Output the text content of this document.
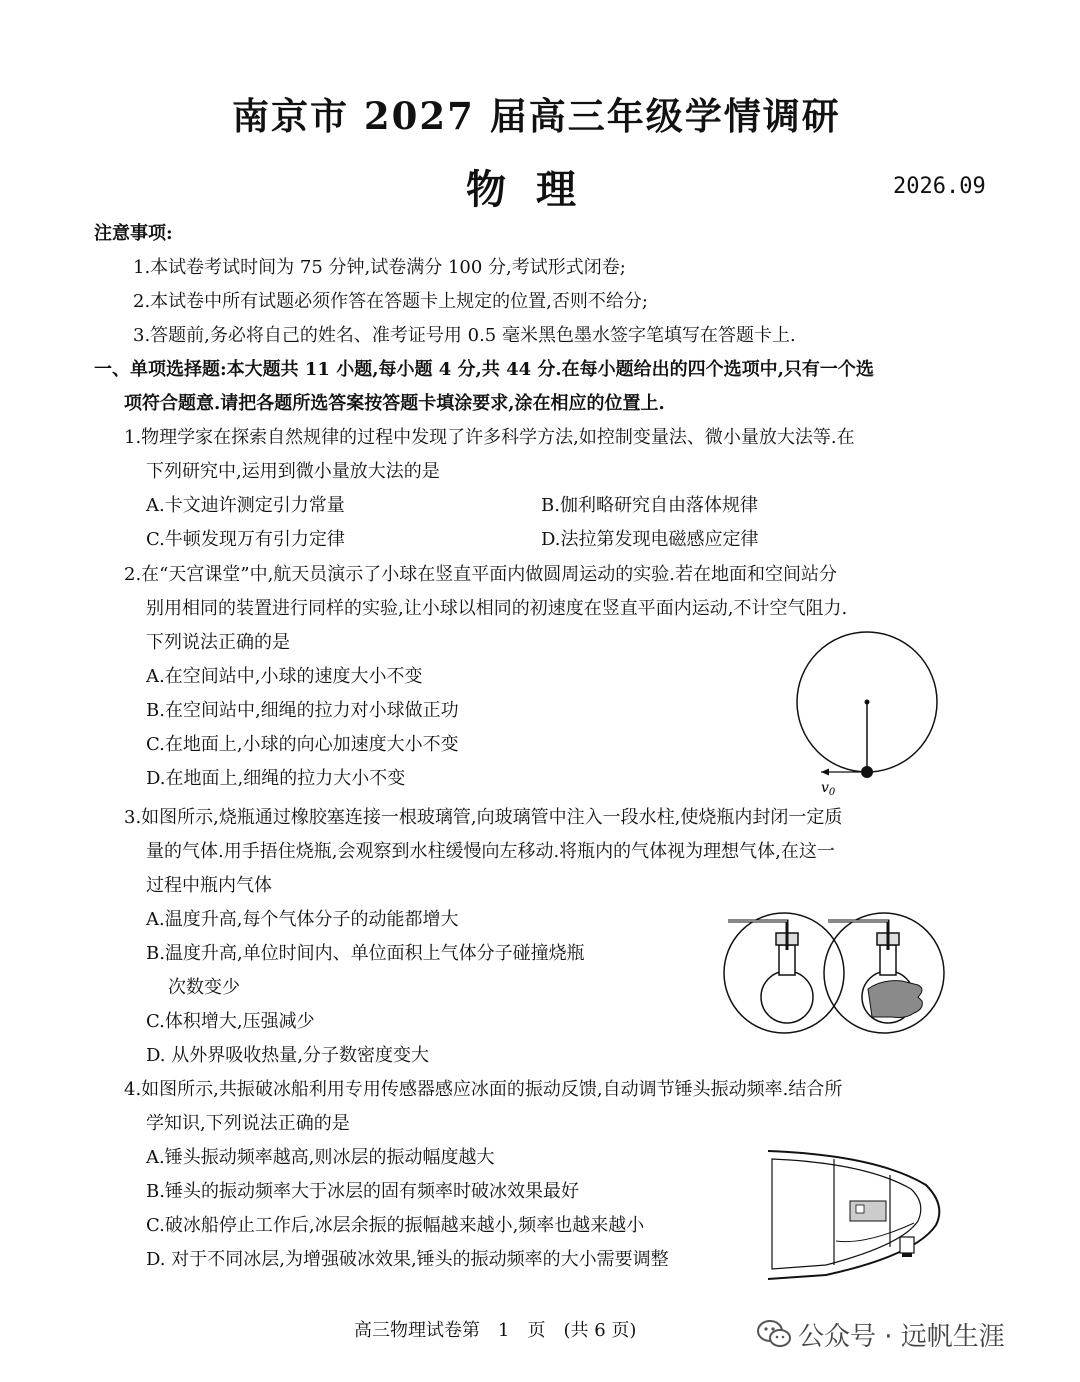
南京市 2027 届高三年级学情调研
物理	2026.09
注意事项:
1.本试卷考试时间为 75 分钟,试卷满分 100 分,考试形式闭卷;
2.本试卷中所有试题必须作答在答题卡上规定的位置,否则不给分;
3.答题前,务必将自己的姓名、准考证号用 0.5 毫米黑色墨水签字笔填写在答题卡上.
一、单项选择题:本大题共 11 小题,每小题 4 分,共 44 分.在每小题给出的四个选项中,只有一个选
项符合题意.请把各题所选答案按答题卡填涂要求,涂在相应的位置上.
1.物理学家在探索自然规律的过程中发现了许多科学方法,如控制变量法、微小量放大法等.在
下列研究中,运用到微小量放大法的是
A.卡文迪许测定引力常量	B.伽利略研究自由落体规律
C.牛顿发现万有引力定律	D.法拉第发现电磁感应定律
2.在“天宫课堂”中,航天员演示了小球在竖直平面内做圆周运动的实验.若在地面和空间站分
别用相同的装置进行同样的实验,让小球以相同的初速度在竖直平面内运动,不计空气阻力.
下列说法正确的是
A.在空间站中,小球的速度大小不变
B.在空间站中,细绳的拉力对小球做正功
C.在地面上,小球的向心加速度大小不变
D.在地面上,细绳的拉力大小不变	$v_0$
3.如图所示,烧瓶通过橡胶塞连接一根玻璃管,向玻璃管中注入一段水柱,使烧瓶内封闭一定质
量的气体.用手捂住烧瓶,会观察到水柱缓慢向左移动.将瓶内的气体视为理想气体,在这一
过程中瓶内气体
A.温度升高,每个气体分子的动能都增大
B.温度升高,单位时间内、单位面积上气体分子碰撞烧瓶
次数变少
C.体积增大,压强减少
D. 从外界吸收热量,分子数密度变大
4.如图所示,共振破冰船利用专用传感器感应冰面的振动反馈,自动调节锤头振动频率.结合所
学知识,下列说法正确的是
A.锤头振动频率越高,则冰层的振动幅度越大
B.锤头的振动频率大于冰层的固有频率时破冰效果最好
C.破冰船停止工作后,冰层余振的振幅越来越小,频率也越来越小
D. 对于不同冰层,为增强破冰效果,锤头的振动频率的大小需要调整
高三物理试卷第　1　页　(共 6 页)	公众号 · 远帆生涯
